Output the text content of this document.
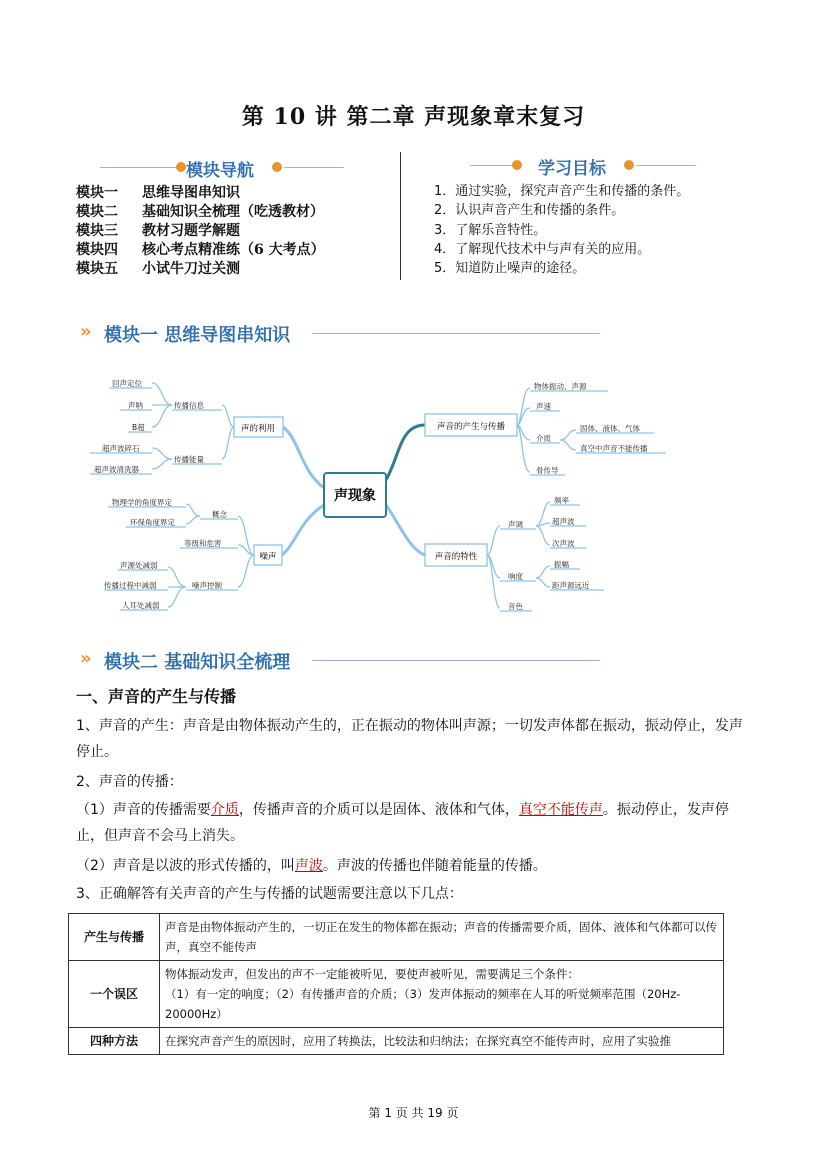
第 10 讲 第二章 声现象章末复习
模块导航
模块一 思维导图串知识
模块二 基础知识全梳理（吃透教材）
模块三 教材习题学解题
模块四 核心考点精准练（6 大考点）
模块五 小试牛刀过关测
学习目标
1．通过实验，探究声音产生和传播的条件。
2．认识声音产生和传播的条件。
3．了解乐音特性。
4．了解现代技术中与声有关的应用。
5．知道防止噪声的途径。
» 模块一 思维导图串知识
声现象
声的利用	声音的产生与传播
噪声	声音的特性
传播信息
传播能量
回声定位
声呐
B超
超声波碎石
超声波清洗器
物体振动、声源
声速
介质
骨传导
固体、液体、气体
真空中声音不能传播
概念
等级和危害
噪声控制
物理学的角度界定
环保角度界定
声源处减弱
传播过程中减弱
人耳处减弱
声调
响度
音色
频率
超声波
次声波
振幅
距声源远近
» 模块二 基础知识全梳理
一、声音的产生与传播
1、声音的产生：声音是由物体振动产生的，正在振动的物体叫声源；一切发声体都在振动，振动停止，发声停止。
2、声音的传播：
（1）声音的传播需要介质，传播声音的介质可以是固体、液体和气体，真空不能传声。振动停止，发声停止，但声音不会马上消失。
（2）声音是以波的形式传播的，叫声波。声波的传播也伴随着能量的传播。
3、正确解答有关声音的产生与传播的试题需要注意以下几点：
产生与传播	声音是由物体振动产生的，一切正在发生的物体都在振动；声音的传播需要介质，固体、液体和气体都可以传声，真空不能传声
一个误区	物体振动发声，但发出的声不一定能被听见，要使声被听见，需要满足三个条件：
（1）有一定的响度；（2）有传播声音的介质；（3）发声体振动的频率在人耳的听觉频率范围（20Hz-20000Hz）

四种方法	在探究声音产生的原因时，应用了转换法，比较法和归纳法；在探究真空不能传声时，应用了实验推
第 1 页 共 19 页
